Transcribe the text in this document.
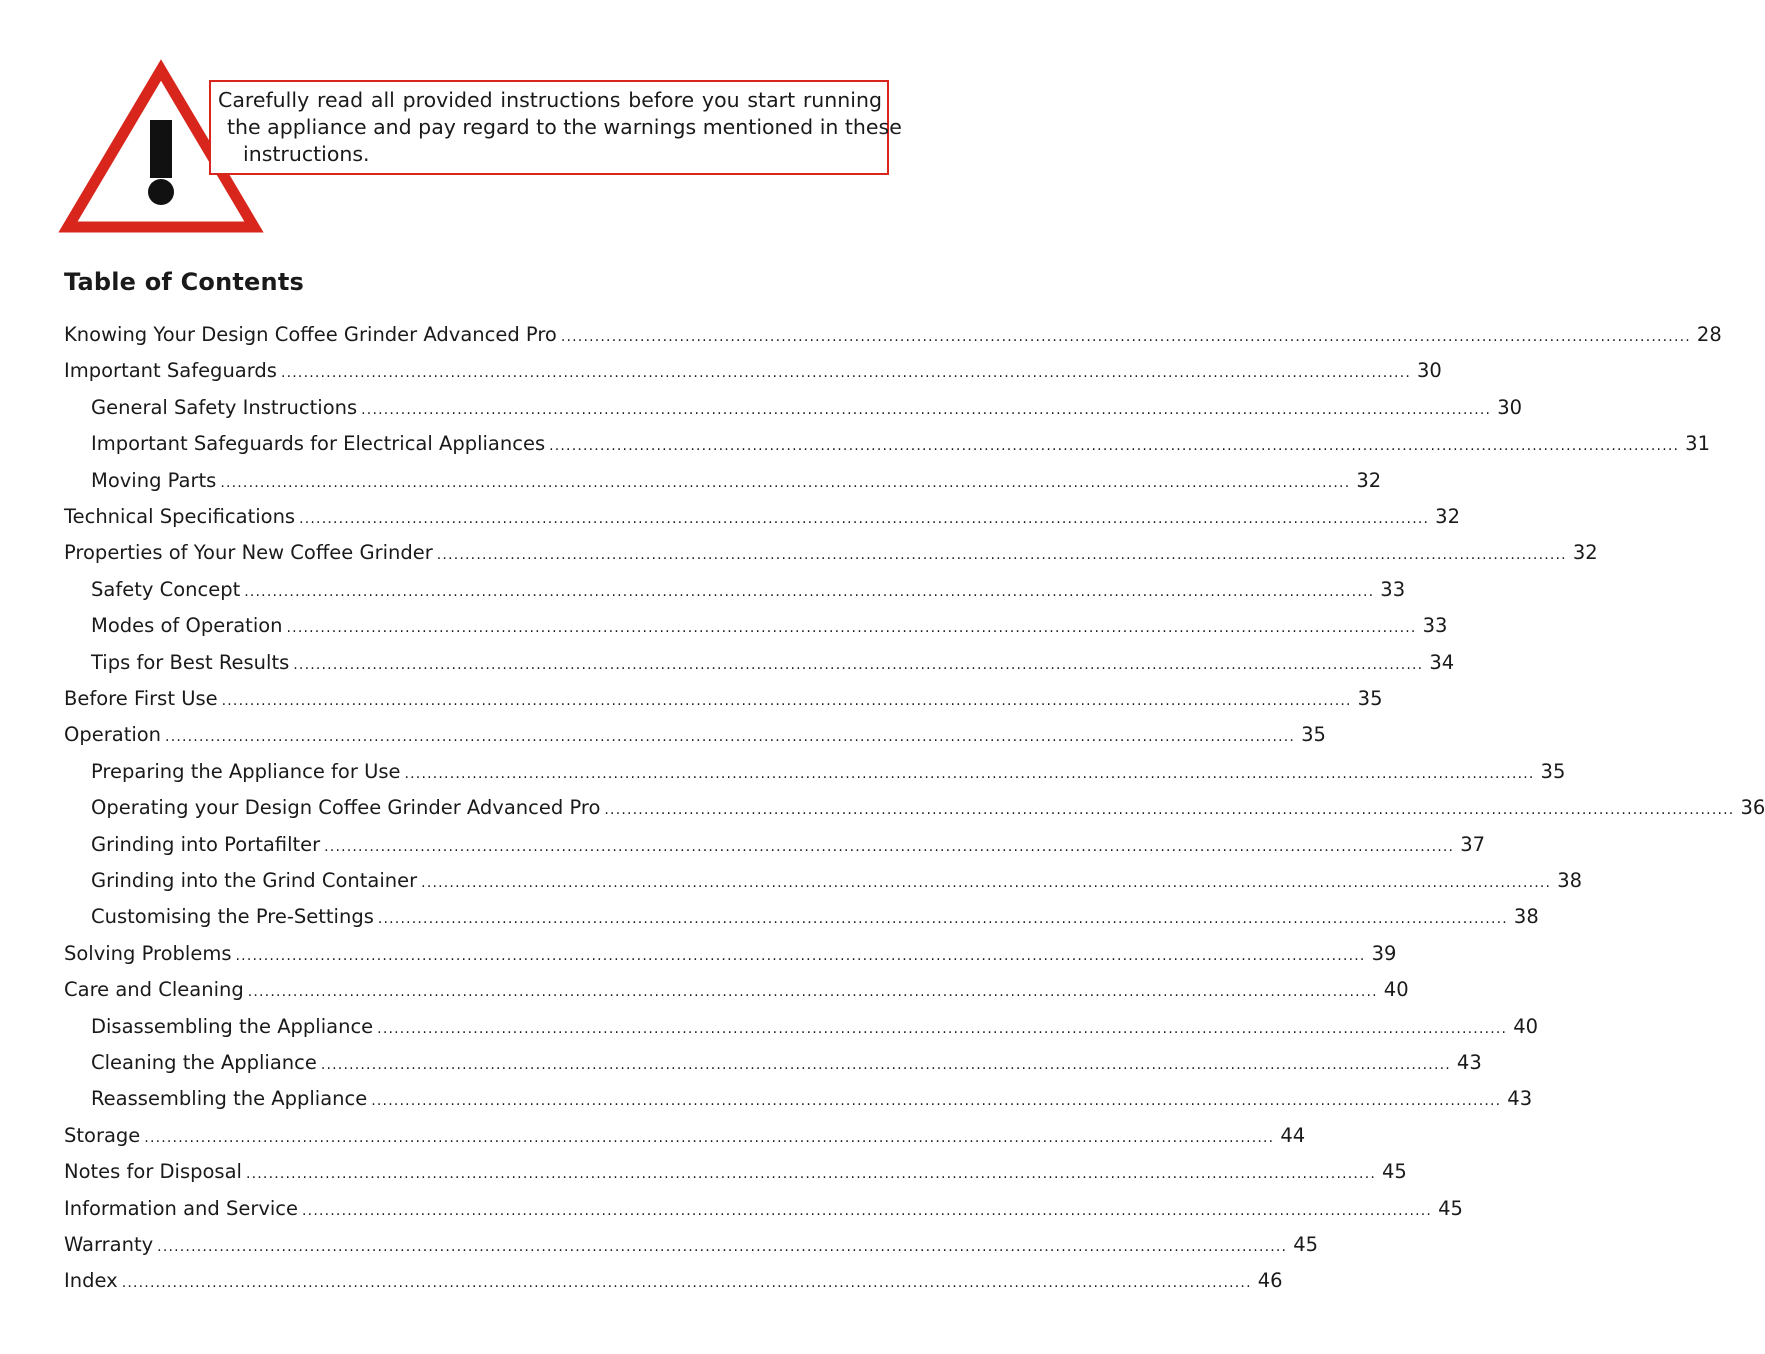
Carefully read all provided instructions before you start running
the appliance and pay regard to the warnings mentioned in these
instructions.
Table of Contents
Knowing Your Design Coffee Grinder Advanced Pro ........................................................................................................................................................................................................ 28
Important Safeguards ........................................................................................................................................................................................................ 30
General Safety Instructions ........................................................................................................................................................................................................ 30
Important Safeguards for Electrical Appliances ........................................................................................................................................................................................................ 31
Moving Parts ........................................................................................................................................................................................................ 32
Technical Specifications ........................................................................................................................................................................................................ 32
Properties of Your New Coffee Grinder ........................................................................................................................................................................................................ 32
Safety Concept ........................................................................................................................................................................................................ 33
Modes of Operation ........................................................................................................................................................................................................ 33
Tips for Best Results ........................................................................................................................................................................................................ 34
Before First Use ........................................................................................................................................................................................................ 35
Operation ........................................................................................................................................................................................................ 35
Preparing the Appliance for Use ........................................................................................................................................................................................................ 35
Operating your Design Coffee Grinder Advanced Pro ........................................................................................................................................................................................................ 36
Grinding into Portafilter ........................................................................................................................................................................................................ 37
Grinding into the Grind Container ........................................................................................................................................................................................................ 38
Customising the Pre-Settings ........................................................................................................................................................................................................ 38
Solving Problems ........................................................................................................................................................................................................ 39
Care and Cleaning ........................................................................................................................................................................................................ 40
Disassembling the Appliance ........................................................................................................................................................................................................ 40
Cleaning the Appliance ........................................................................................................................................................................................................ 43
Reassembling the Appliance ........................................................................................................................................................................................................ 43
Storage ........................................................................................................................................................................................................ 44
Notes for Disposal ........................................................................................................................................................................................................ 45
Information and Service ........................................................................................................................................................................................................ 45
Warranty ........................................................................................................................................................................................................ 45
Index ........................................................................................................................................................................................................ 46
